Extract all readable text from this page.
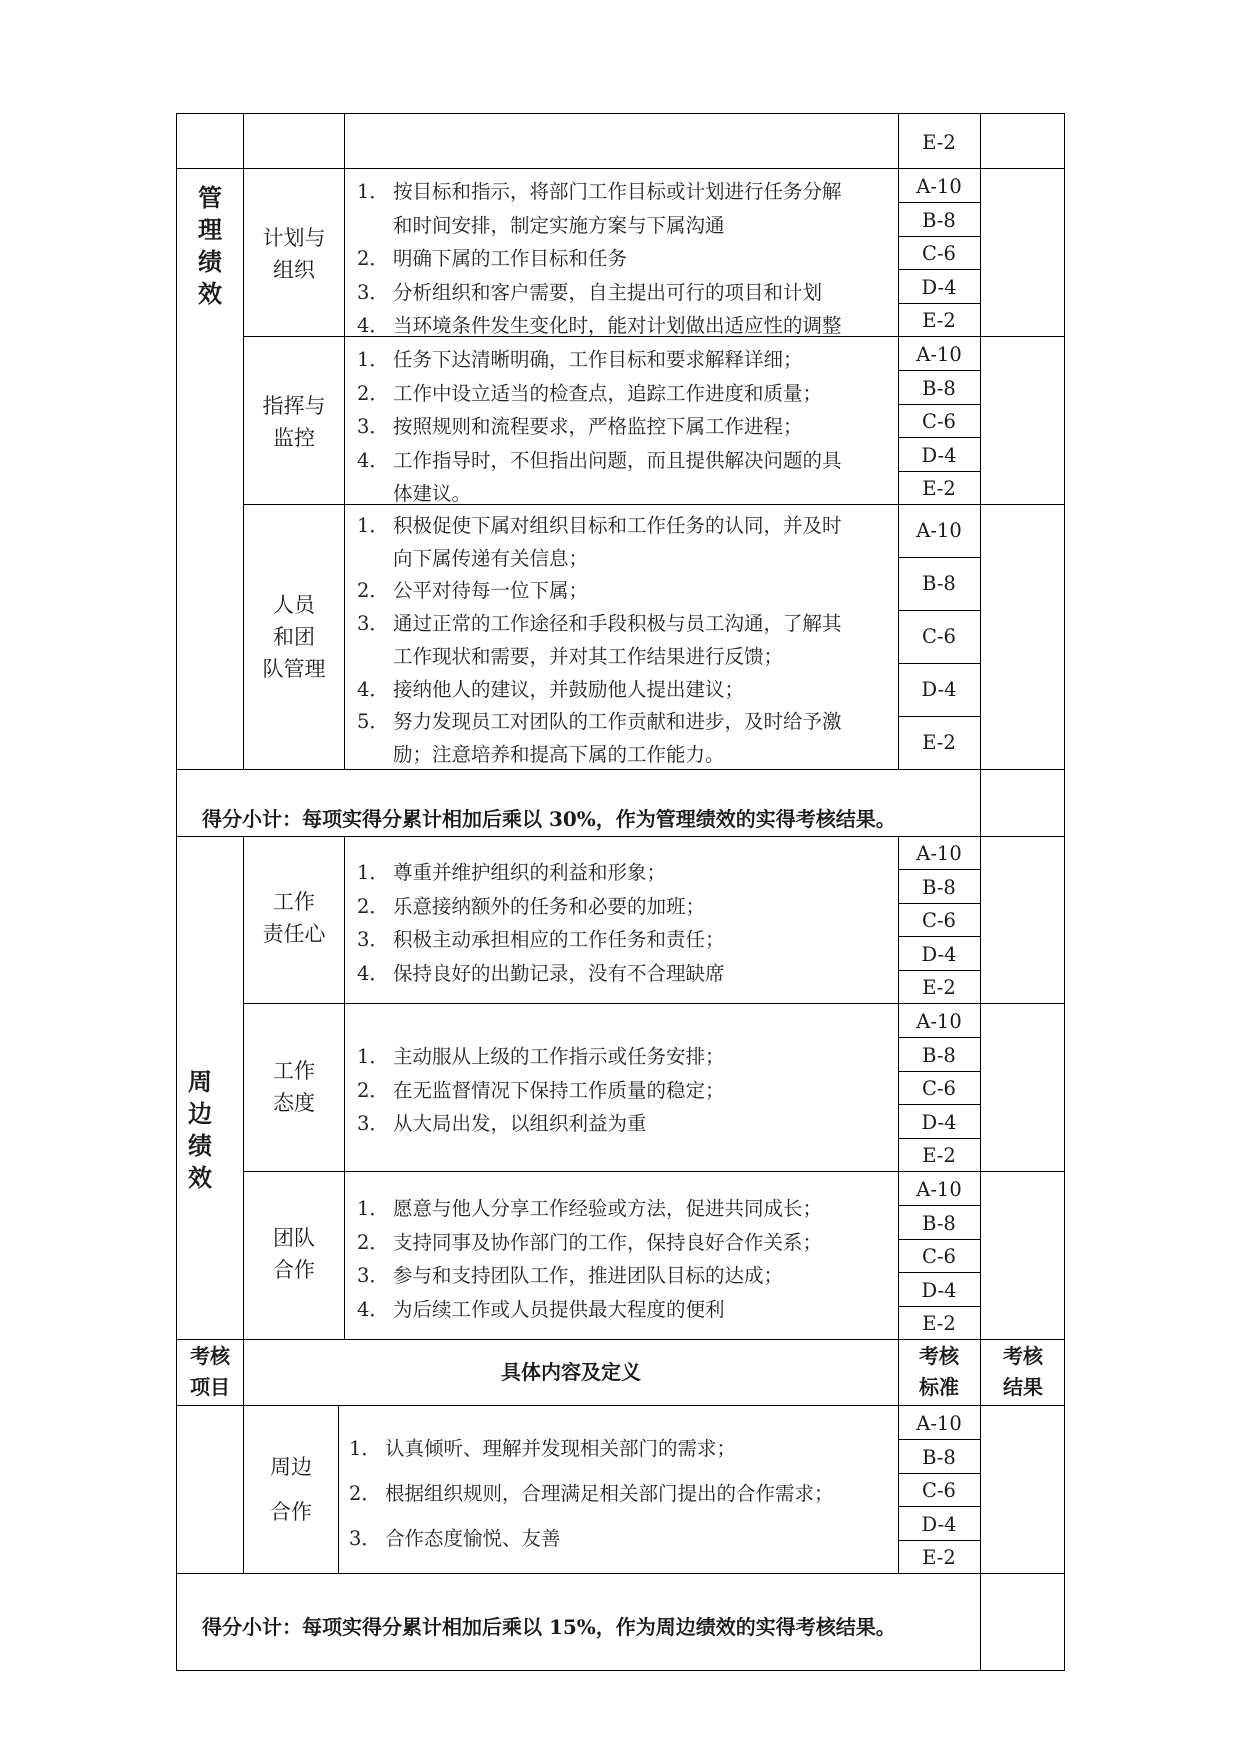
E-2
管
理
绩
效
计划与
组织
1． 按目标和指示，将部门工作目标或计划进行任务分解
和时间安排，制定实施方案与下属沟通
2． 明确下属的工作目标和任务
3． 分析组织和客户需要，自主提出可行的项目和计划
4． 当环境条件发生变化时，能对计划做出适应性的调整
A-10
B-8
C-6
D-4
E-2
指挥与
监控
1． 任务下达清晰明确，工作目标和要求解释详细；
2． 工作中设立适当的检查点，追踪工作进度和质量；
3． 按照规则和流程要求，严格监控下属工作进程；
4． 工作指导时，不但指出问题，而且提供解决问题的具
体建议。
A-10
B-8
C-6
D-4
E-2
人员
和团
队管理
1． 积极促使下属对组织目标和工作任务的认同，并及时
向下属传递有关信息；
2． 公平对待每一位下属；
3． 通过正常的工作途径和手段积极与员工沟通，了解其
工作现状和需要，并对其工作结果进行反馈；
4． 接纳他人的建议，并鼓励他人提出建议；
5． 努力发现员工对团队的工作贡献和进步，及时给予激
励；注意培养和提高下属的工作能力。
A-10
B-8
C-6
D-4
E-2
得分小计：每项实得分累计相加后乘以 30%，作为管理绩效的实得考核结果。
周
边
绩
效
工作
责任心
1． 尊重并维护组织的利益和形象；
2． 乐意接纳额外的任务和必要的加班；
3． 积极主动承担相应的工作任务和责任；
4． 保持良好的出勤记录，没有不合理缺席
A-10
B-8
C-6
D-4
E-2
工作
态度
1． 主动服从上级的工作指示或任务安排；
2． 在无监督情况下保持工作质量的稳定；
3． 从大局出发，以组织利益为重
A-10
B-8
C-6
D-4
E-2
团队
合作
1． 愿意与他人分享工作经验或方法，促进共同成长；
2． 支持同事及协作部门的工作，保持良好合作关系；
3． 参与和支持团队工作，推进团队目标的达成；
4． 为后续工作或人员提供最大程度的便利
A-10
B-8
C-6
D-4
E-2
考核
项目
具体内容及定义
考核
标准
考核
结果
周边
合作
1． 认真倾听、理解并发现相关部门的需求；
2． 根据组织规则，合理满足相关部门提出的合作需求；
3． 合作态度愉悦、友善
A-10
B-8
C-6
D-4
E-2
得分小计：每项实得分累计相加后乘以 15%，作为周边绩效的实得考核结果。
